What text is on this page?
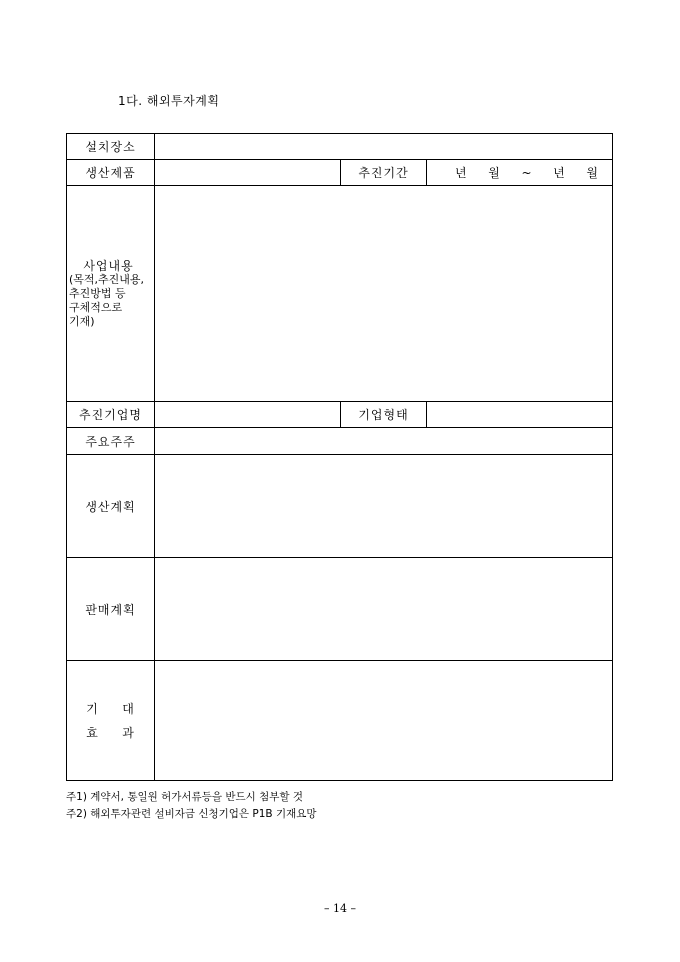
1다. 해외투자계획
설치장소			
생산제품		추진기간	년 월 ~ 년 월

사업내용
(목적,추진내용,
추진방법 등
구체적으로
기재)			

추진기업명		기업형태	
주요주주			
생산계획			
판매계획			

기 대
효 과			

주1) 계약서, 통일원 허가서류등을 반드시 첨부할 것
주2) 해외투자관련 설비자금 신청기업은 P1B 기재요망
– 14 –
